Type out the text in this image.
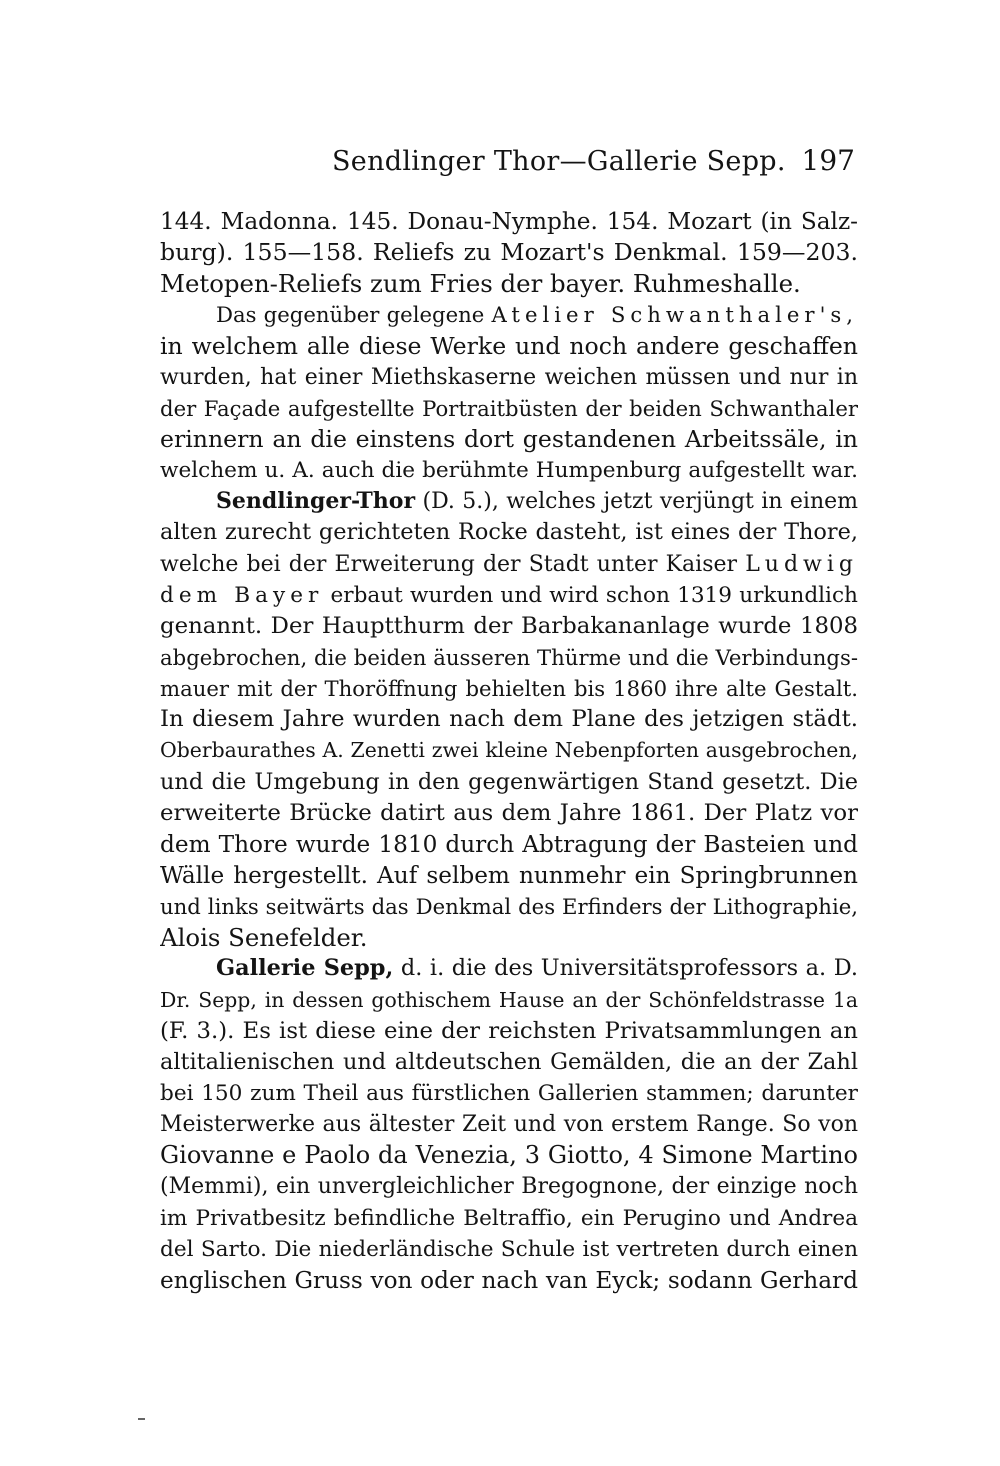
Sendlinger Thor—Gallerie Sepp. 197
144. Madonna. 145. Donau-Nymphe. 154. Mozart (in Salz-
burg). 155—158. Reliefs zu Mozart's Denkmal. 159—203.
Metopen-Reliefs zum Fries der bayer. Ruhmeshalle.
Das gegenüber gelegene Atelier Schwanthaler's,
in welchem alle diese Werke und noch andere geschaffen
wurden, hat einer Miethskaserne weichen müssen und nur in
der Façade aufgestellte Portraitbüsten der beiden Schwanthaler
erinnern an die einstens dort gestandenen Arbeitssäle, in
welchem u. A. auch die berühmte Humpenburg aufgestellt war.
Sendlinger-Thor (D. 5.), welches jetzt verjüngt in einem
alten zurecht gerichteten Rocke dasteht, ist eines der Thore,
welche bei der Erweiterung der Stadt unter Kaiser Ludwig
dem Bayer erbaut wurden und wird schon 1319 urkundlich
genannt. Der Hauptthurm der Barbakananlage wurde 1808
abgebrochen, die beiden äusseren Thürme und die Verbindungs-
mauer mit der Thoröffnung behielten bis 1860 ihre alte Gestalt.
In diesem Jahre wurden nach dem Plane des jetzigen städt.
Oberbaurathes A. Zenetti zwei kleine Nebenpforten ausgebrochen,
und die Umgebung in den gegenwärtigen Stand gesetzt. Die
erweiterte Brücke datirt aus dem Jahre 1861. Der Platz vor
dem Thore wurde 1810 durch Abtragung der Basteien und
Wälle hergestellt. Auf selbem nunmehr ein Springbrunnen
und links seitwärts das Denkmal des Erfinders der Lithographie,
Alois Senefelder.
Gallerie Sepp, d. i. die des Universitätsprofessors a. D.
Dr. Sepp, in dessen gothischem Hause an der Schönfeldstrasse 1a
(F. 3.). Es ist diese eine der reichsten Privatsammlungen an
altitalienischen und altdeutschen Gemälden, die an der Zahl
bei 150 zum Theil aus fürstlichen Gallerien stammen; darunter
Meisterwerke aus ältester Zeit und von erstem Range. So von
Giovanne e Paolo da Venezia, 3 Giotto, 4 Simone Martino
(Memmi), ein unvergleichlicher Bregognone, der einzige noch
im Privatbesitz befindliche Beltraffio, ein Perugino und Andrea
del Sarto. Die niederländische Schule ist vertreten durch einen
englischen Gruss von oder nach van Eyck; sodann Gerhard
